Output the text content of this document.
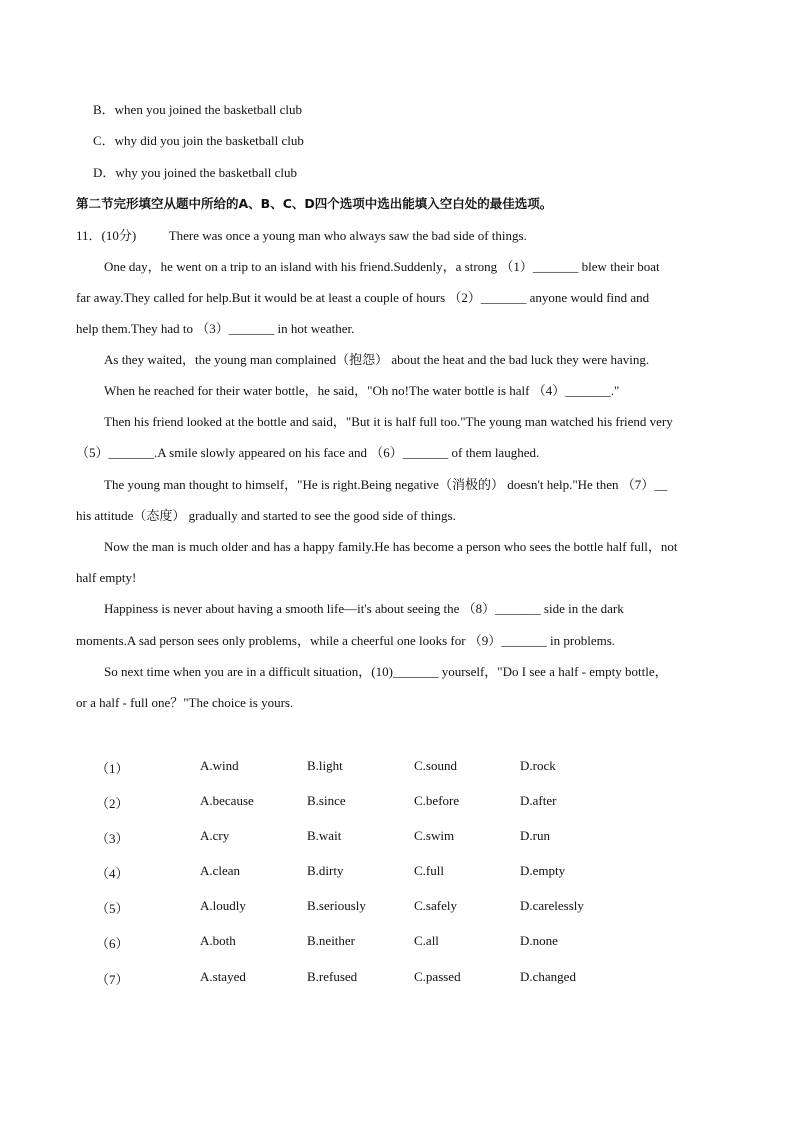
B．when you joined the basketball club
C．why did you join the basketball club
D．why you joined the basketball club
第二节完形填空从题中所给的A、B、C、D四个选项中选出能填入空白处的最佳选项。
11．(10分)	There was once a young man who always saw the bad side of things.
One day，he went on a trip to an island with his friend.Suddenly，a strong （1）_______ blew their boat
far away.They called for help.But it would be at least a couple of hours （2）_______ anyone would find and
help them.They had to （3）_______ in hot weather.
As they waited，the young man complained（抱怨） about the heat and the bad luck they were having.
When he reached for their water bottle，he said，"Oh no!The water bottle is half （4）_______."
Then his friend looked at the bottle and said，"But it is half full too."The young man watched his friend very
（5）_______.A smile slowly appeared on his face and （6）_______ of them laughed.
The young man thought to himself，"He is right.Being negative（消极的） doesn't help."He then （7）__
his attitude（态度） gradually and started to see the good side of things.
Now the man is much older and has a happy family.He has become a person who sees the bottle half full，not
half empty!
Happiness is never about having a smooth life—it's about seeing the （8）_______ side in the dark
moments.A sad person sees only problems，while a cheerful one looks for （9）_______ in problems.
So next time when you are in a difficult situation，(10)_______ yourself，"Do I see a half - empty bottle，
or a half - full one？"The choice is yours.
（1）	A.wind	B.light	C.sound	D.rock
（2）	A.because	B.since	C.before	D.after
（3）	A.cry	B.wait	C.swim	D.run
（4）	A.clean	B.dirty	C.full	D.empty
（5）	A.loudly	B.seriously	C.safely	D.carelessly
（6）	A.both	B.neither	C.all	D.none
（7）	A.stayed	B.refused	C.passed	D.changed
